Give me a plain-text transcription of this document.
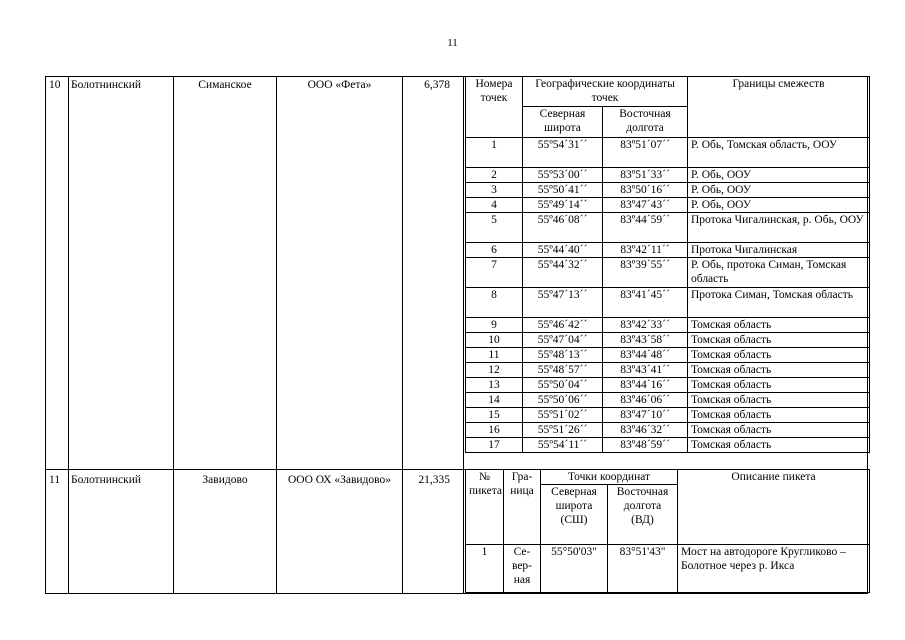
11
10 Болотнинский	Симанское	ООО «Фета»	6,378
11 Болотнинский	Завидово	ООО ОХ «Завидово»	21,335
Номера точек	Географические координаты точек		Границы смежеств
	Северная широта	Восточная долгота	
1	55º54´31´´	83º51´07´´	Р. Обь, Томская область, ООУ
2	55º53´00´´	83º51´33´´	Р. Обь, ООУ
3	55º50´41´´	83º50´16´´	Р. Обь, ООУ
4	55º49´14´´	83º47´43´´	Р. Обь, ООУ
5	55º46´08´´	83º44´59´´	Протока Чигалинская, р. Обь, ООУ
6	55º44´40´´	83º42´11´´	Протока Чигалинская
7	55º44´32´´	83º39´55´´	Р. Обь, протока Симан, Томская область
8	55º47´13´´	83º41´45´´	Протока Симан, Томская область
9	55º46´42´´	83º42´33´´	Томская область
10	55º47´04´´	83º43´58´´	Томская область
11	55º48´13´´	83º44´48´´	Томская область
12	55º48´57´´	83º43´41´´	Томская область
13	55º50´04´´	83º44´16´´	Томская область
14	55º50´06´´	83º46´06´´	Томская область
15	55º51´02´´	83º47´10´´	Томская область
16	55º51´26´´	83º46´32´´	Томская область
17	55º54´11´´	83º48´59´´	Томская область
№ пикета	Гра-ница	Точки координат		Описание пикета
		Северная широта (СШ)	Восточная долгота (ВД)	
1	Се-вер-ная	55°50'03"	83°51'43"	Мост на автодороге Кругликово – Болотное через р. Икса
